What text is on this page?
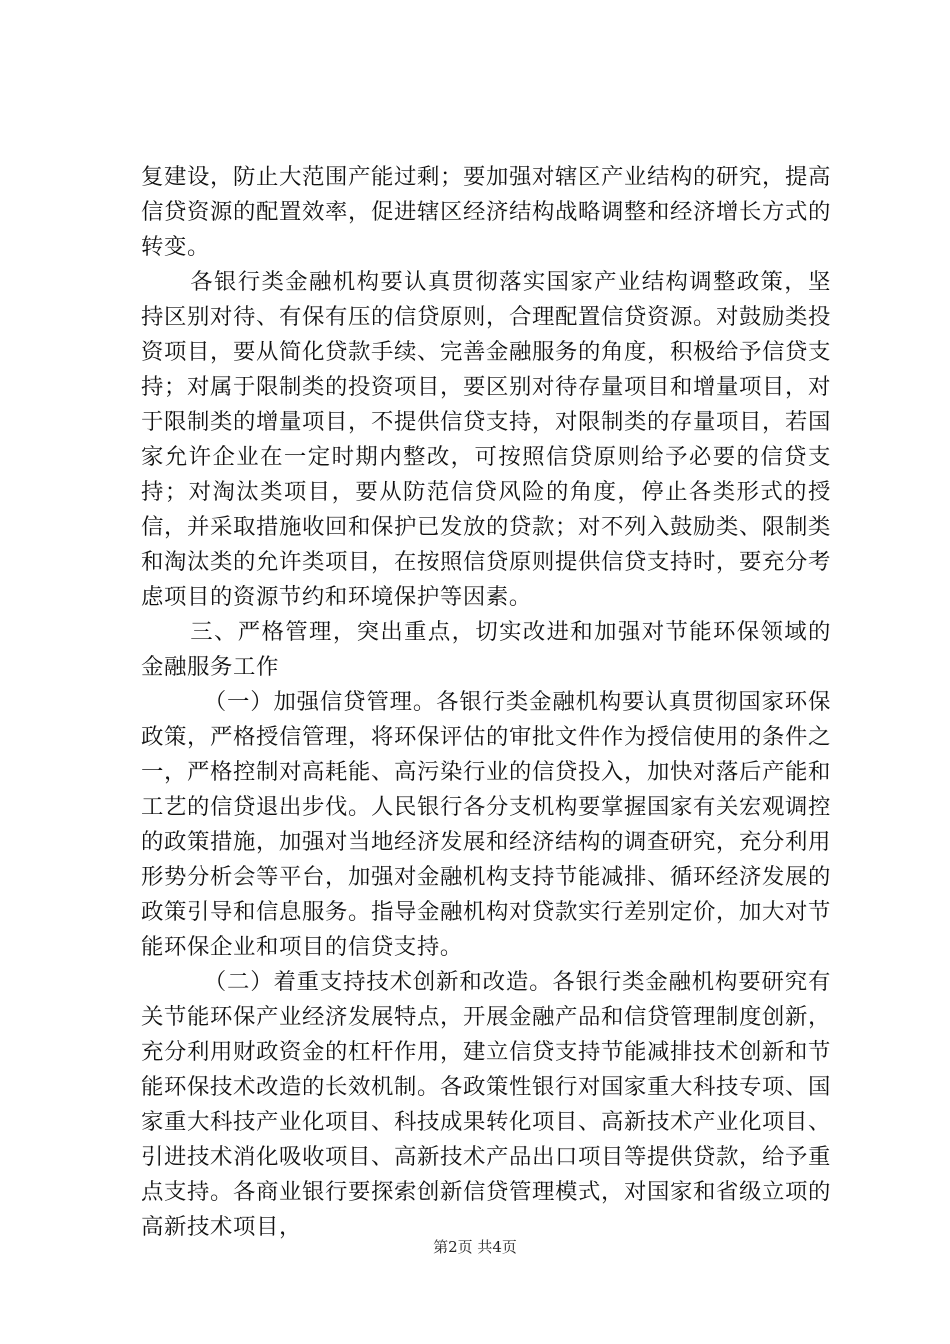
复建设，防止大范围产能过剩；要加强对辖区产业结构的研究，提高信贷资源的配置效率，促进辖区经济结构战略调整和经济增长方式的转变。

各银行类金融机构要认真贯彻落实国家产业结构调整政策，坚持区别对待、有保有压的信贷原则，合理配置信贷资源。对鼓励类投资项目，要从简化贷款手续、完善金融服务的角度，积极给予信贷支持；对属于限制类的投资项目，要区别对待存量项目和增量项目，对于限制类的增量项目，不提供信贷支持，对限制类的存量项目，若国家允许企业在一定时期内整改，可按照信贷原则给予必要的信贷支持；对淘汰类项目，要从防范信贷风险的角度，停止各类形式的授信，并采取措施收回和保护已发放的贷款；对不列入鼓励类、限制类和淘汰类的允许类项目，在按照信贷原则提供信贷支持时，要充分考虑项目的资源节约和环境保护等因素。

三、严格管理，突出重点，切实改进和加强对节能环保领域的金融服务工作

（一）加强信贷管理。各银行类金融机构要认真贯彻国家环保政策，严格授信管理，将环保评估的审批文件作为授信使用的条件之一，严格控制对高耗能、高污染行业的信贷投入，加快对落后产能和工艺的信贷退出步伐。人民银行各分支机构要掌握国家有关宏观调控的政策措施，加强对当地经济发展和经济结构的调查研究，充分利用形势分析会等平台，加强对金融机构支持节能减排、循环经济发展的政策引导和信息服务。指导金融机构对贷款实行差别定价，加大对节能环保企业和项目的信贷支持。

（二）着重支持技术创新和改造。各银行类金融机构要研究有关节能环保产业经济发展特点，开展金融产品和信贷管理制度创新，充分利用财政资金的杠杆作用，建立信贷支持节能减排技术创新和节能环保技术改造的长效机制。各政策性银行对国家重大科技专项、国家重大科技产业化项目、科技成果转化项目、高新技术产业化项目、引进技术消化吸收项目、高新技术产品出口项目等提供贷款，给予重点支持。各商业银行要探索创新信贷管理模式，对国家和省级立项的高新技术项目，

第2页 共4页
